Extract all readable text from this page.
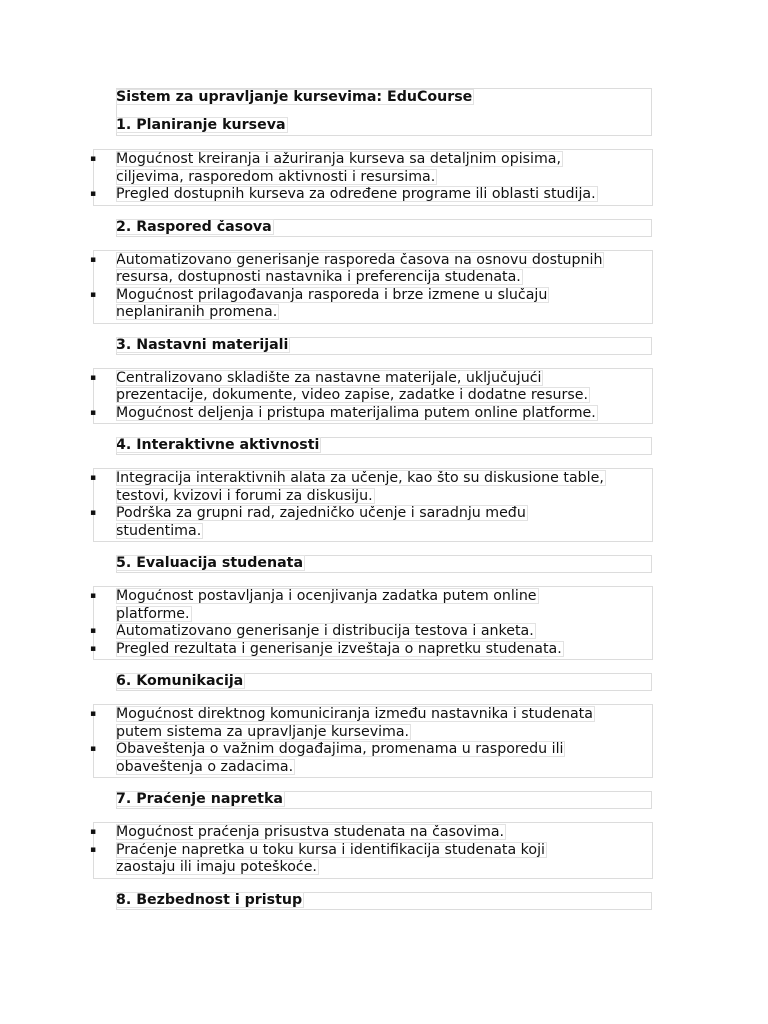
Sistem za upravljanje kursevima: EduCourse
1. Planiranje kurseva
▪ Mogućnost kreiranja i ažuriranja kurseva sa detaljnim opisima,
ciljevima, rasporedom aktivnosti i resursima.
▪ Pregled dostupnih kurseva za određene programe ili oblasti studija.
2. Raspored časova
▪ Automatizovano generisanje rasporeda časova na osnovu dostupnih
resursa, dostupnosti nastavnika i preferencija studenata.
▪ Mogućnost prilagođavanja rasporeda i brze izmene u slučaju
neplaniranih promena.
3. Nastavni materijali
▪ Centralizovano skladište za nastavne materijale, uključujući
prezentacije, dokumente, video zapise, zadatke i dodatne resurse.
▪ Mogućnost deljenja i pristupa materijalima putem online platforme.
4. Interaktivne aktivnosti
▪ Integracija interaktivnih alata za učenje, kao što su diskusione table,
testovi, kvizovi i forumi za diskusiju.
▪ Podrška za grupni rad, zajedničko učenje i saradnju među
studentima.
5. Evaluacija studenata
▪ Mogućnost postavljanja i ocenjivanja zadatka putem online
platforme.
▪ Automatizovano generisanje i distribucija testova i anketa.
▪ Pregled rezultata i generisanje izveštaja o napretku studenata.
6. Komunikacija
▪ Mogućnost direktnog komuniciranja između nastavnika i studenata
putem sistema za upravljanje kursevima.
▪ Obaveštenja o važnim događajima, promenama u rasporedu ili
obaveštenja o zadacima.
7. Praćenje napretka
▪ Mogućnost praćenja prisustva studenata na časovima.
▪ Praćenje napretka u toku kursa i identifikacija studenata koji
zaostaju ili imaju poteškoće.
8. Bezbednost i pristup
